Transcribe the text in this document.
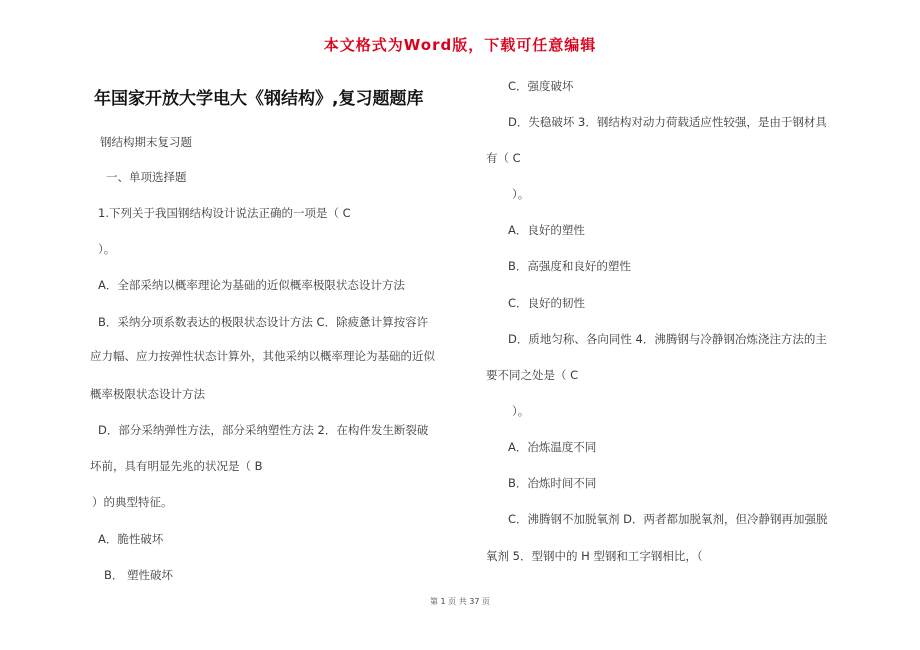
本文格式为Word版，下载可任意编辑
年国家开放大学电大《钢结构》,复习题题库

钢结构期末复习题

一、单项选择题

1.下列关于我国钢结构设计说法正确的一项是（ C

）。

A．全部采纳以概率理论为基础的近似概率极限状态设计方法

B．采纳分项系数表达的极限状态设计方法 C．除疲惫计算按容许

应力幅、应力按弹性状态计算外，其他采纳以概率理论为基础的近似

概率极限状态设计方法

D．部分采纳弹性方法，部分采纳塑性方法 2．在构件发生断裂破

坏前，具有明显先兆的状况是（ B

）的典型特征。

A．脆性破坏

B． 塑性破坏

C．强度破坏

D．失稳破坏 3．钢结构对动力荷载适应性较强，是由于钢材具

有（ C

）。

A．良好的塑性

B．高强度和良好的塑性

C．良好的韧性

D．质地匀称、各向同性 4．沸腾钢与冷静钢冶炼浇注方法的主

要不同之处是（ C

）。

A．冶炼温度不同

B．冶炼时间不同

C．沸腾钢不加脱氧剂 D．两者都加脱氧剂，但冷静钢再加强脱

氧剂 5．型钢中的 H 型钢和工字钢相比，（

第 1 页 共 37 页
